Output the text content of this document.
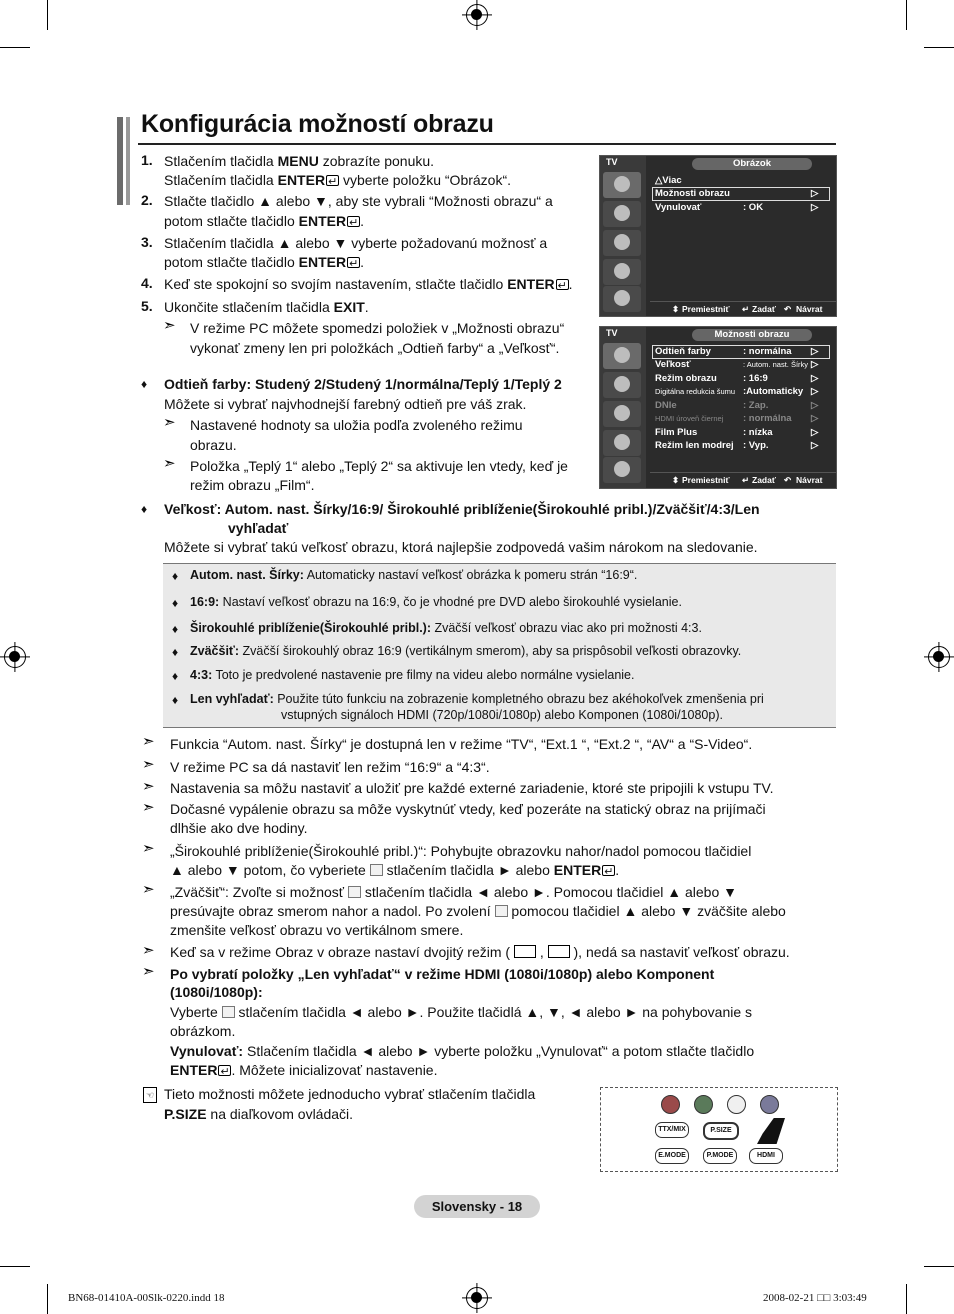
Konfigurácia možností obrazu
1. Stlačením tlačidla MENU zobrazíte ponuku.
Stlačením tlačidla ENTER↵ vyberte položku “Obrázok“.
2. Stlačte tlačidlo ▲ alebo ▼, aby ste vybrali “Možnosti obrazu“ a
potom stlačte tlačidlo ENTER ↵ .
3. Stlačením tlačidla ▲ alebo ▼ vyberte požadovanú možnosť a
potom stlačte tlačidlo ENTER ↵ .
4. Keď ste spokojní so svojím nastavením, stlačte tlačidlo ENTER ↵ .
5. Ukončite stlačením tlačidla EXIT.
➣ V režime PC môžete spomedzi položiek v „Možnosti obrazu“
vykonať zmeny len pri položkách „Odtieň farby“ a „Veľkosť“.
♦ Odtieň farby: Studený 2/Studený 1/normálna/Teplý 1/Teplý 2
Môžete si vybrať najvhodnejší farebný odtieň pre váš zrak.
➣ Nastavené hodnoty sa uložia podľa zvoleného režimu
obrazu.
➣ Položka „Teplý 1“ alebo „Teplý 2“ sa aktivuje len vtedy, keď je
režim obrazu „Film“.
TV	Obrázok
△Viac
Možnosti obrazu	▷
Vynulovať	: OK	▷
⬍ Premiestniť ↵ Zadať ↶ Návrat
TV	Možnosti obrazu
Odtieň farby	: normálna ▷
Veľkosť	: Autom. nast. Šírky ▷
Režim obrazu	: 16:9	▷
Digitálna redukcia šumu :Automaticky ▷
DNIe	: Zap.	▷
HDMI úroveň čiernej : normálna ▷
Film Plus	: nízka	▷
Režim len modrej : Vyp.	▷
⬍ Premiestniť ↵ Zadať ↶ Návrat
♦ Veľkosť: Autom. nast. Šírky/16:9/ Širokouhlé priblíženie(Širokouhlé pribl.)/Zväčšiť/4:3/Len
vyhľadať
Môžete si vybrať takú veľkosť obrazu, ktorá najlepšie zodpovedá vašim nárokom na sledovanie.
♦ Autom. nast. Šírky: Automaticky nastaví veľkosť obrázka k pomeru strán “16:9“.
♦ 16:9: Nastaví veľkosť obrazu na 16:9, čo je vhodné pre DVD alebo širokouhlé vysielanie.
♦ Širokouhlé priblíženie(Širokouhlé pribl.): Zväčší veľkosť obrazu viac ako pri možnosti 4:3.
♦ Zväčšiť: Zväčší širokouhlý obraz 16:9 (vertikálnym smerom), aby sa prispôsobil veľkosti obrazovky.
♦ 4:3: Toto je predvolené nastavenie pre filmy na videu alebo normálne vysielanie.
♦ Len vyhľadať: Použite túto funkciu na zobrazenie kompletného obrazu bez akéhokoľvek zmenšenia pri
vstupných signáloch HDMI (720p/1080i/1080p) alebo Komponen (1080i/1080p).
➣ Funkcia “Autom. nast. Šírky“ je dostupná len v režime “TV“, “Ext.1 “, “Ext.2 “, “AV“ a “S-Video“.
➣ V režime PC sa dá nastaviť len režim “16:9“ a “4:3“.
➣ Nastavenia sa môžu nastaviť a uložiť pre každé externé zariadenie, ktoré ste pripojili k vstupu TV.
➣ Dočasné vypálenie obrazu sa môže vyskytnúť vtedy, keď pozeráte na statický obraz na prijímači
dlhšie ako dve hodiny.
➣ „Širokouhlé priblíženie(Širokouhlé pribl.)“: Pohybujte obrazovku nahor/nadol pomocou tlačidiel
▲ alebo ▼ potom, čo vyberiete  stlačením tlačidla ► alebo ENTER ↵ .
➣ „Zväčšiť“: Zvoľte si možnosť  stlačením tlačidla ◄ alebo ►. Pomocou tlačidiel ▲ alebo ▼
presúvajte obraz smerom nahor a nadol. Po zvolení  pomocou tlačidiel ▲ alebo ▼ zväčšite alebo
zmenšite veľkosť obrazu vo vertikálnom smere.
➣ Keď sa v režime Obraz v obraze nastaví dvojitý režim (  ,  ), nedá sa nastaviť veľkosť obrazu.
➣ Po vybratí položky „Len vyhľadať“ v režime HDMI (1080i/1080p) alebo Komponent
(1080i/1080p):
Vyberte  stlačením tlačidla ◄ alebo ►. Použite tlačidlá ▲, ▼, ◄ alebo ► na pohybovanie s
obrázkom.
Vynulovať: Stlačením tlačidla ◄ alebo ► vyberte položku „Vynulovať“ a potom stlačte tlačidlo
ENTER ↵ . Môžete inicializovať nastavenie.
☜ Tieto možnosti môžete jednoducho vybrať stlačením tlačidla
P.SIZE na diaľkovom ovládači.
TTX/MIX	P.SIZE
E.MODE	P.MODE	HDMI
Slovensky - 18
BN68-01410A-00Slk-0220.indd 18	2008-02-21 □□ 3:03:49
